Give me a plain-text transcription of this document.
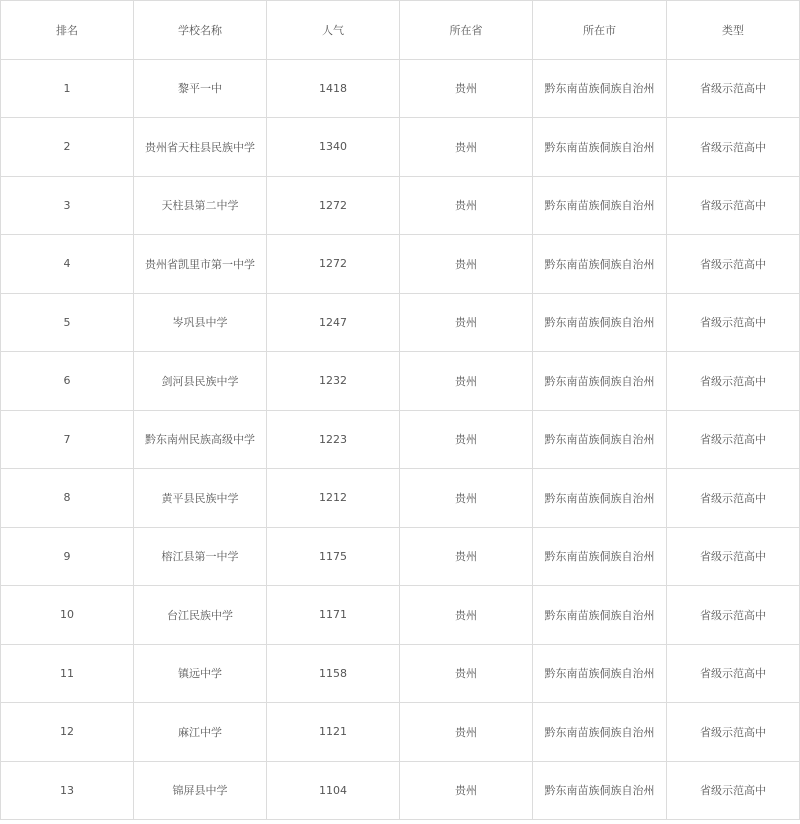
排名	学校名称	人气	所在省	所在市	类型
1	黎平一中	1418	贵州	黔东南苗族侗族自治州	省级示范高中
2	贵州省天柱县民族中学	1340	贵州	黔东南苗族侗族自治州	省级示范高中
3	天柱县第二中学	1272	贵州	黔东南苗族侗族自治州	省级示范高中
4	贵州省凯里市第一中学	1272	贵州	黔东南苗族侗族自治州	省级示范高中
5	岑巩县中学	1247	贵州	黔东南苗族侗族自治州	省级示范高中
6	剑河县民族中学	1232	贵州	黔东南苗族侗族自治州	省级示范高中
7	黔东南州民族高级中学	1223	贵州	黔东南苗族侗族自治州	省级示范高中
8	黄平县民族中学	1212	贵州	黔东南苗族侗族自治州	省级示范高中
9	榕江县第一中学	1175	贵州	黔东南苗族侗族自治州	省级示范高中
10	台江民族中学	1171	贵州	黔东南苗族侗族自治州	省级示范高中
11	镇远中学	1158	贵州	黔东南苗族侗族自治州	省级示范高中
12	麻江中学	1121	贵州	黔东南苗族侗族自治州	省级示范高中
13	锦屏县中学	1104	贵州	黔东南苗族侗族自治州	省级示范高中
